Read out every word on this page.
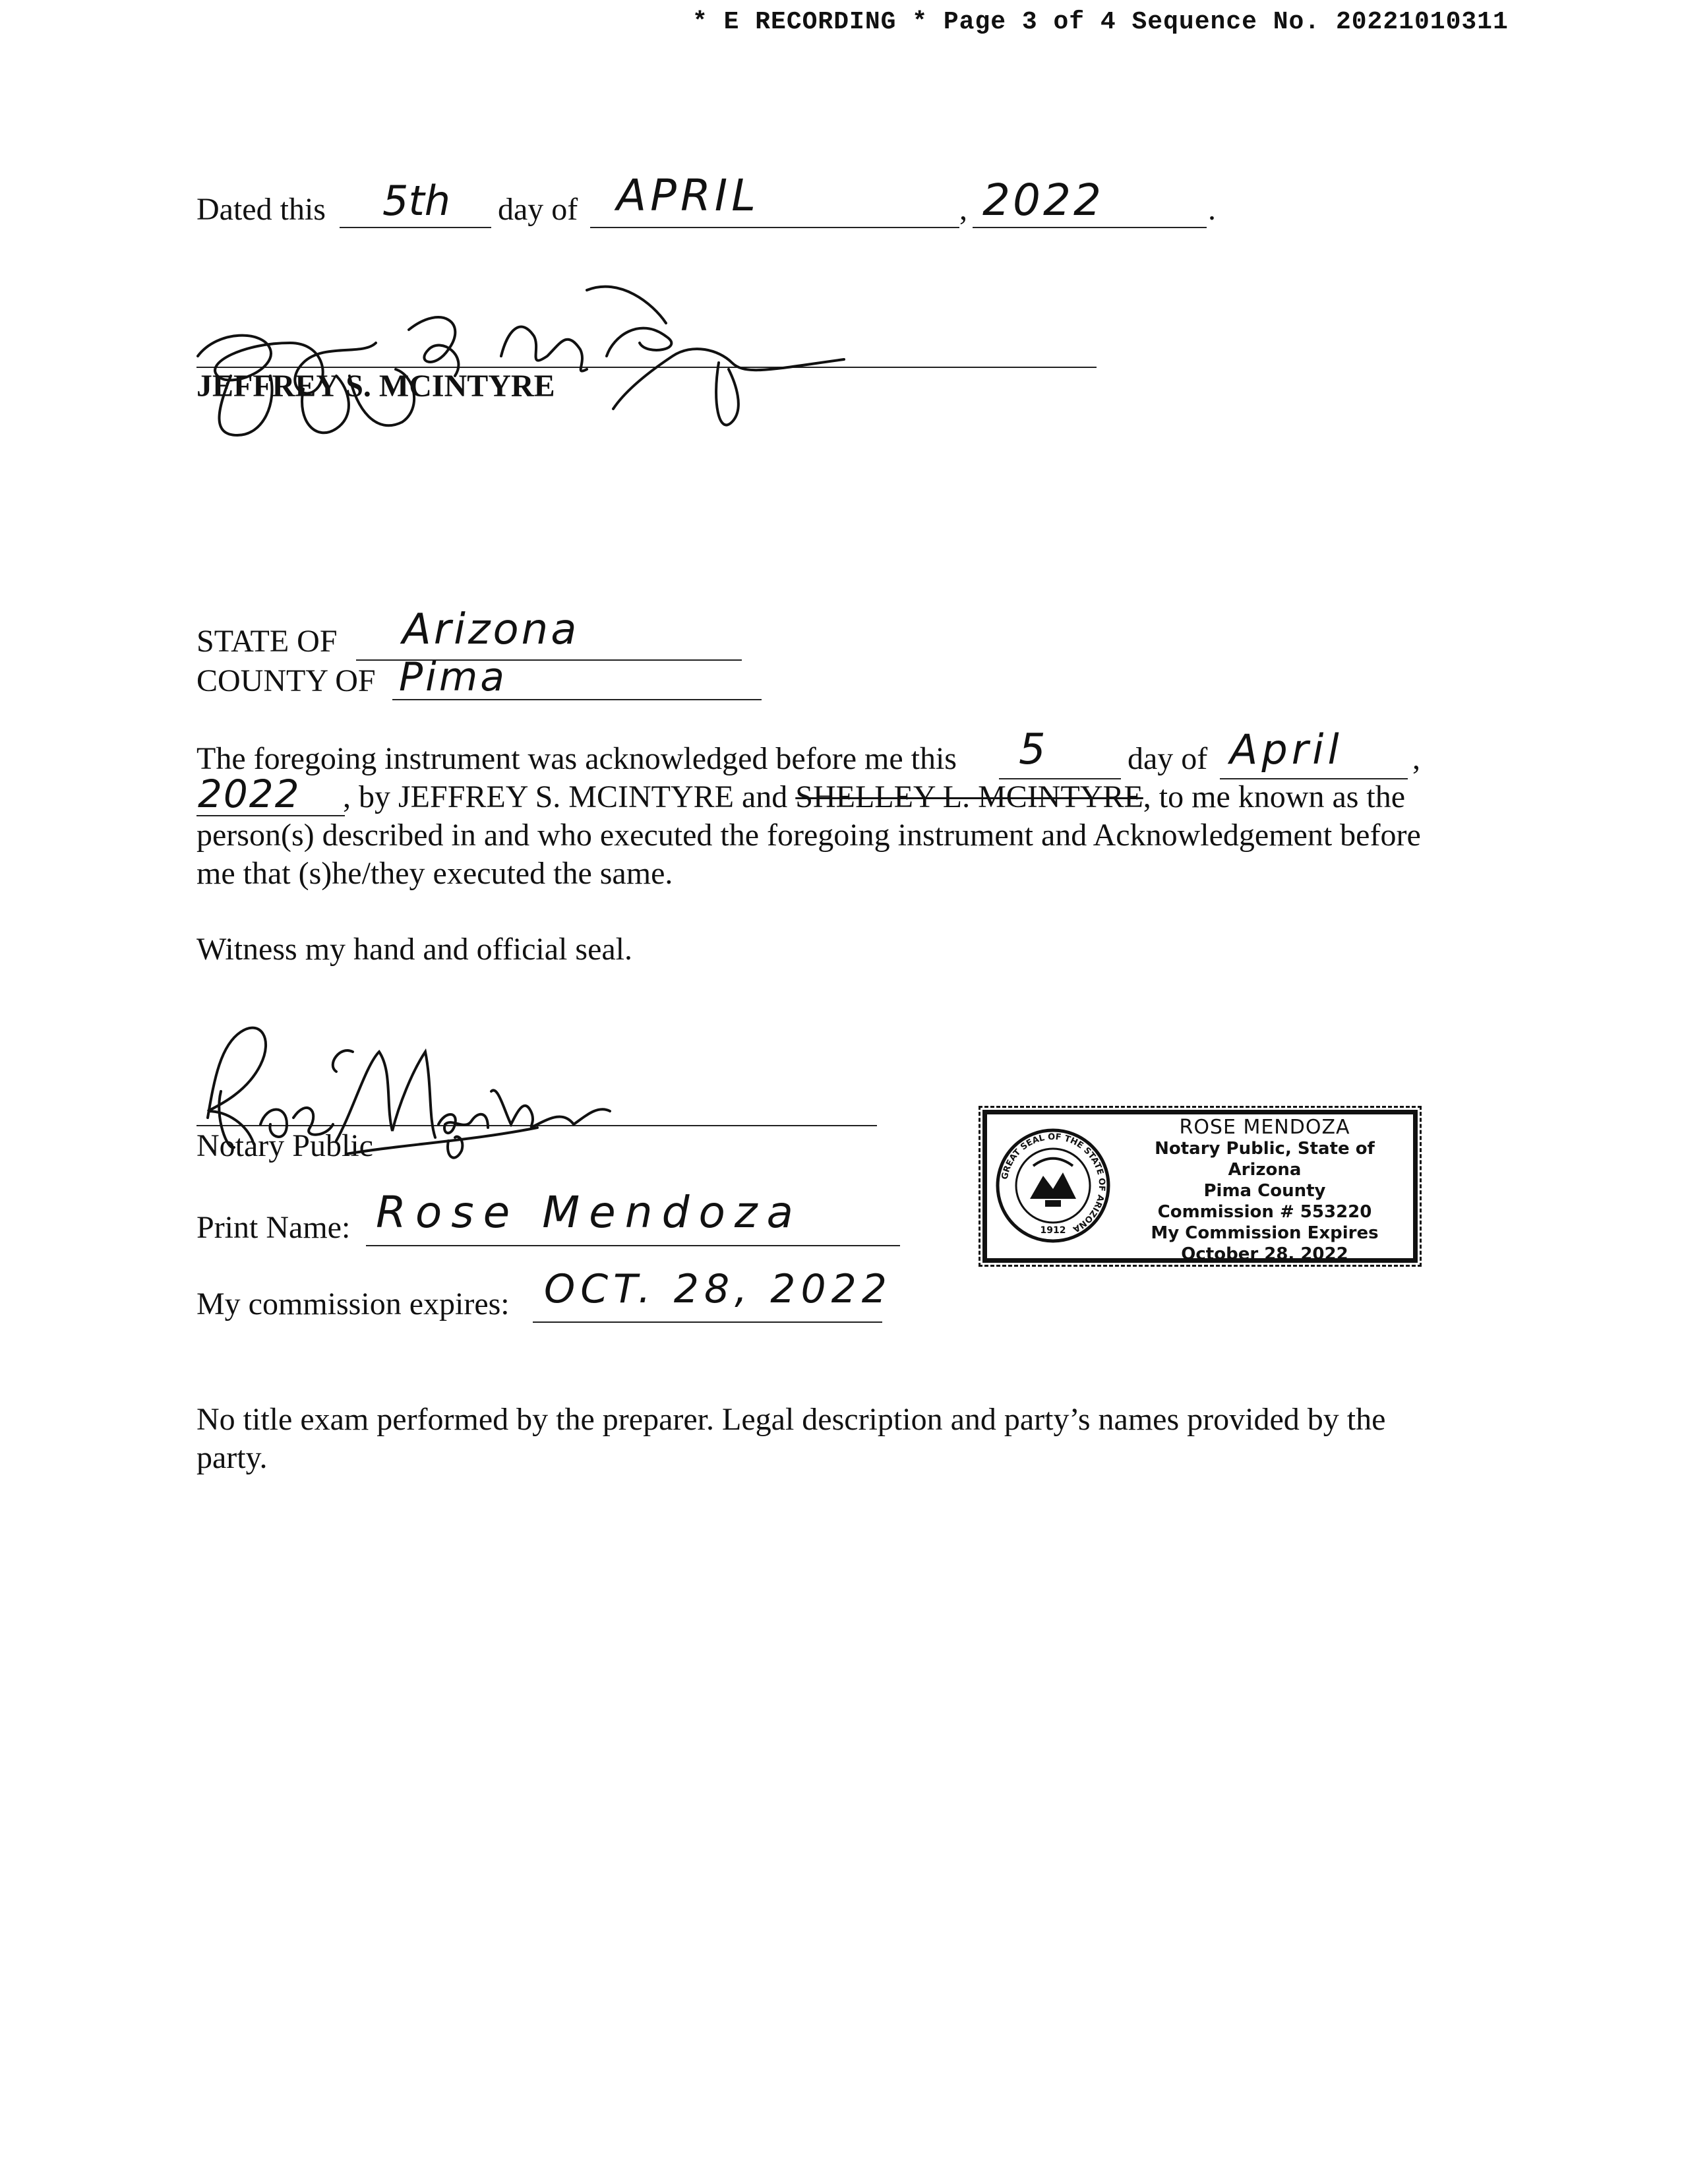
* E RECORDING * Page 3 of 4 Sequence No. 20221010311
Dated this 5th day of APRIL	, 2022	.
JEFFREY S. MCINTYRE
STATE OF Arizona
COUNTY OF Pima
The foregoing instrument was acknowledged before me this 5	day of April ,
2022 , by JEFFREY S. MCINTYRE and SHELLEY L. MCINTYRE, to me known as the
person(s) described in and who executed the foregoing instrument and Acknowledgement before
me that (s)he/they executed the same.
Witness my hand and official seal.
Notary Public
Print Name: Rose Mendoza
My commission expires: OCT. 28, 2022
GREAT SEAL OF THE STATE OF ARIZONA
1912
ROSE MENDOZA
Notary Public, State of Arizona
Pima County
Commission # 553220
My Commission Expires
October 28, 2022
No title exam performed by the preparer. Legal description and party’s names provided by the
party.
